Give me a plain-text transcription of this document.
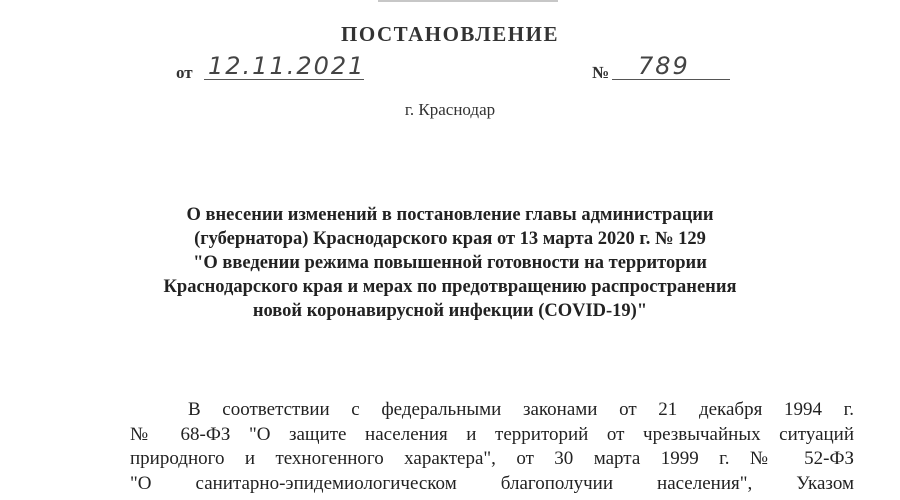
ПОСТАНОВЛЕНИЕ
от 12.11.2021	№	789
г. Краснодар
О внесении изменений в постановление главы администрации
(губернатора) Краснодарского края от 13 марта 2020 г. № 129
"О введении режима повышенной готовности на территории
Краснодарского края и мерах по предотвращению распространения
новой коронавирусной инфекции (COVID-19)"
В соответствии с федеральными законами от 21 декабря 1994 г.
№ 68-ФЗ "О защите населения и территорий от чрезвычайных ситуаций
природного и техногенного характера", от 30 марта 1999 г. № 52-ФЗ
"О санитарно-эпидемиологическом благополучии населения", Указом
